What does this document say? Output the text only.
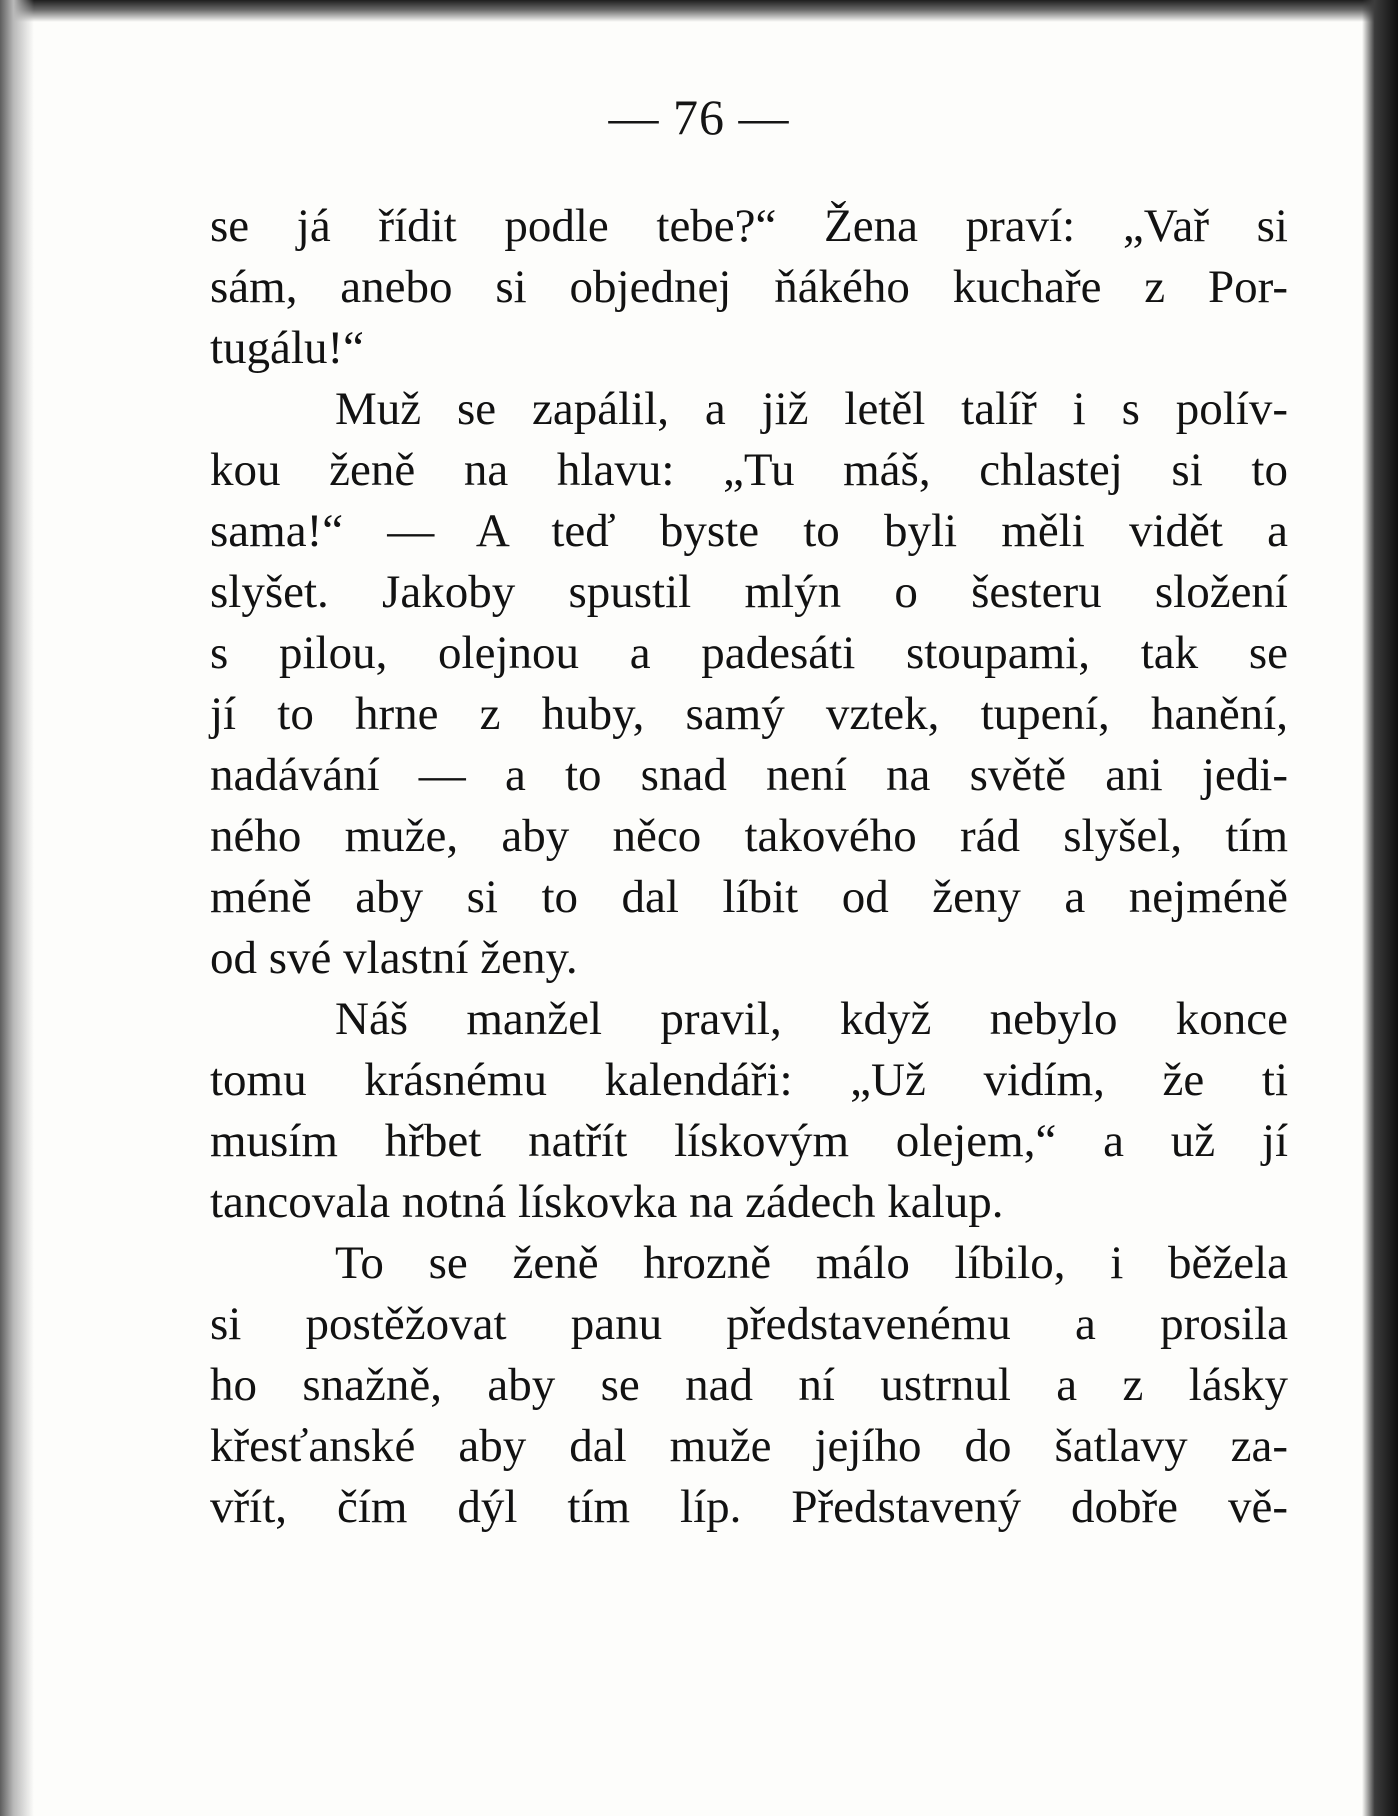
— 76 —
se já řídit podle tebe?“ Žena praví: „Vař si
sám, anebo si objednej ňákého kuchaře z Por-
tugálu!“
Muž se zapálil, a již letěl talíř i s polív-
kou ženě na hlavu: „Tu máš, chlastej si to
sama!“ — A teď byste to byli měli vidět a
slyšet. Jakoby spustil mlýn o šesteru složení
s pilou, olejnou a padesáti stoupami, tak se
jí to hrne z huby, samý vztek, tupení, hanění,
nadávání — a to snad není na světě ani jedi-
ného muže, aby něco takového rád slyšel, tím
méně aby si to dal líbit od ženy a nejméně
od své vlastní ženy.
Náš manžel pravil, když nebylo konce
tomu krásnému kalendáři: „Už vidím, že ti
musím hřbet natřít lískovým olejem,“ a už jí
tancovala notná lískovka na zádech kalup.
To se ženě hrozně málo líbilo, i běžela
si postěžovat panu představenému a prosila
ho snažně, aby se nad ní ustrnul a z lásky
křesťanské aby dal muže jejího do šatlavy za-
vřít, čím dýl tím líp. Představený dobře vě-
